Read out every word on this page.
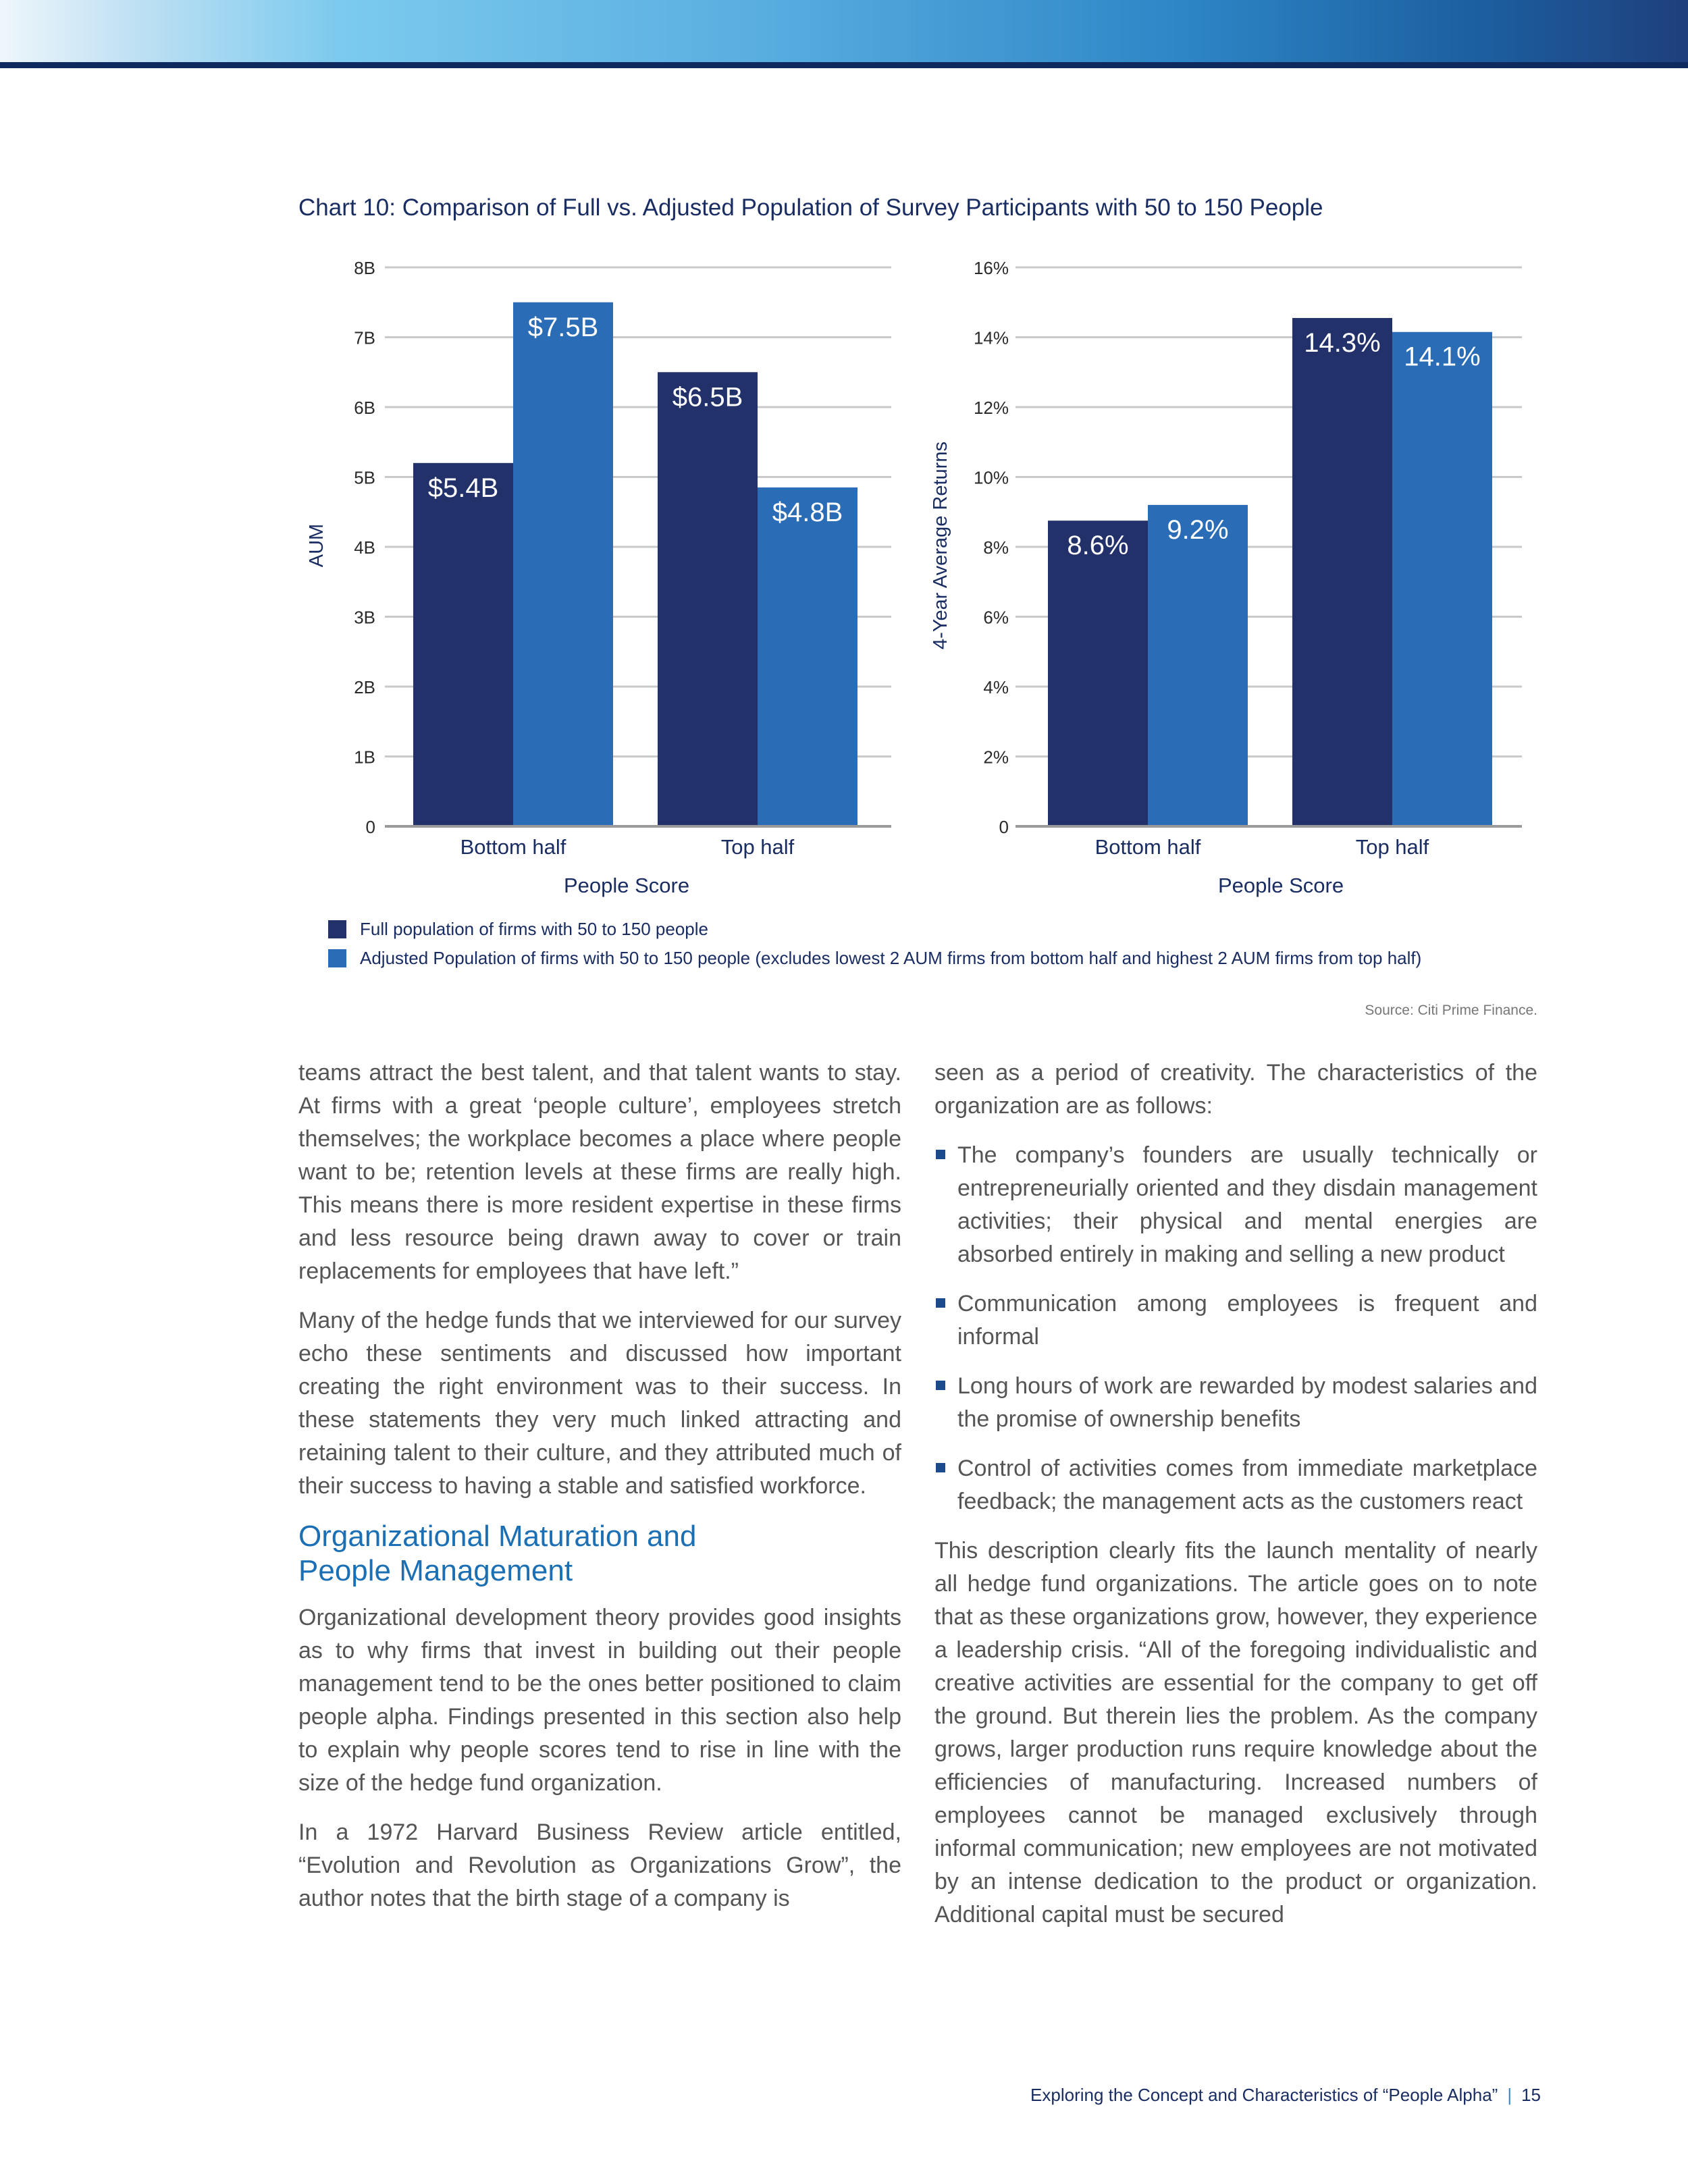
Chart 10: Comparison of Full vs. Adjusted Population of Survey Participants with 50 to 150 People
0
1B
2B
3B
4B
5B
6B
7B
8B
$5.4B
$6.5B
$7.5B
$4.8B
Bottom half	Top half
People Score
AUM
0
2%
4%
6%
8%
10%
12%
14%
16%
8.6%
14.3%
9.2%
14.1%
Bottom half	Top half
People Score
4-Year Average Returns
Full population of firms with 50 to 150 people
Adjusted Population of firms with 50 to 150 people (excludes lowest 2 AUM firms from bottom half and highest 2 AUM firms from top half)
Source: Citi Prime Finance.

teams attract the best talent, and that talent wants to stay. At firms with a great ‘people culture’, employees stretch themselves; the workplace becomes a place where people want to be; retention levels at these firms are really high. This means there is more resident expertise in these firms and less resource being drawn away to cover or train replacements for employees that have left.”

Many of the hedge funds that we interviewed for our survey echo these sentiments and discussed how important creating the right environment was to their success. In these statements they very much linked attracting and retaining talent to their culture, and they attributed much of their success to having a stable and satisfied workforce.

Organizational Maturation and
People Management

Organizational development theory provides good insights as to why firms that invest in building out their people management tend to be the ones better positioned to claim people alpha. Findings presented in this section also help to explain why people scores tend to rise in line with the size of the hedge fund organization.

In a 1972 Harvard Business Review article entitled, “Evolution and Revolution as Organizations Grow”, the author notes that the birth stage of a company is

seen as a period of creativity. The characteristics of the organization are as follows:

The company’s founders are usually technically or entrepreneurially oriented and they disdain management activities; their physical and mental energies are absorbed entirely in making and selling a new product
Communication among employees is frequent and informal
Long hours of work are rewarded by modest salaries and the promise of ownership benefits
Control of activities comes from immediate marketplace feedback; the management acts as the customers react

This description clearly fits the launch mentality of nearly all hedge fund organizations. The article goes on to note that as these organizations grow, however, they experience a leadership crisis. “All of the foregoing individualistic and creative activities are essential for the company to get off the ground. But therein lies the problem. As the company grows, larger production runs require knowledge about the efficiencies of manufacturing. Increased numbers of employees cannot be managed exclusively through informal communication; new employees are not motivated by an intense dedication to the product or organization. Additional capital must be secured

Exploring the Concept and Characteristics of “People Alpha” | 15
